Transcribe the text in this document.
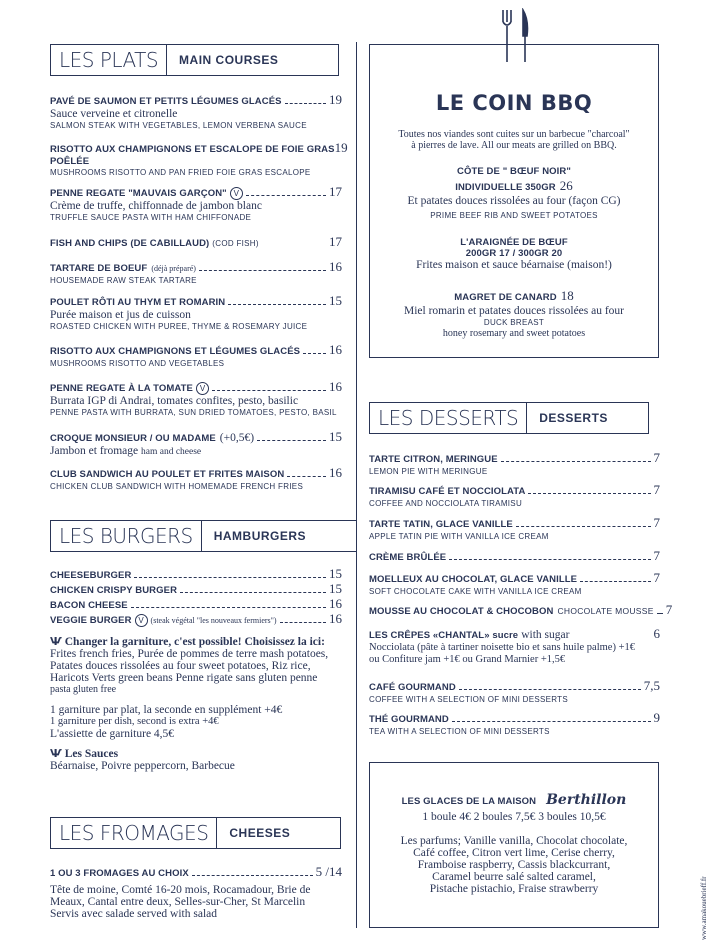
LES PLATS	MAIN COURSES
PAVÉ DE SAUMON ET PETITS LÉGUMES GLACÉS	19
Sauce verveine et citronelle
SALMON STEAK WITH VEGETABLES, LEMON VERBENA SAUCE
RISOTTO AUX CHAMPIGNONS ET ESCALOPE DE FOIE GRAS 19
POÊLÉE
MUSHROOMS RISOTTO AND PAN FRIED FOIE GRAS ESCALOPE
PENNE REGATE "MAUVAIS GARÇON" V	17
Crème de truffe, chiffonnade de jambon blanc
TRUFFLE SAUCE PASTA WITH HAM CHIFFONADE
FISH AND CHIPS (DE CABILLAUD) (COD FISH)	17
TARTARE DE BOEUF (déjà préparé)	16
HOUSEMADE RAW STEAK TARTARE
POULET RÔTI AU THYM ET ROMARIN	15
Purée maison et jus de cuisson
ROASTED CHICKEN WITH PUREE, THYME & ROSEMARY JUICE
RISOTTO AUX CHAMPIGNONS ET LÉGUMES GLACÉS 16
MUSHROOMS RISOTTO AND VEGETABLES
PENNE REGATE À LA TOMATE V	16
Burrata IGP di Andrai, tomates confites, pesto, basilic
PENNE PASTA WITH BURRATA, SUN DRIED TOMATOES, PESTO, BASIL
CROQUE MONSIEUR / OU MADAME (+0,5€)	15
Jambon et fromage ham and cheese
CLUB SANDWICH AU POULET ET FRITES MAISON	16
CHICKEN CLUB SANDWICH WITH HOMEMADE FRENCH FRIES
LES BURGERS	HAMBURGERS
CHEESEBURGER	15
CHICKEN CRISPY BURGER	15
BACON CHEESE	16
VEGGIE BURGER V (steak végétal "les nouveaux fermiers")	16
Ѱ Changer la garniture, c'est possible! Choisissez la ici:
Frites french fries, Purée de pommes de terre mash potatoes,
Patates douces rissolées au four sweet potatoes, Riz rice,
Haricots Verts green beans Penne rigate sans gluten penne
pasta gluten free
1 garniture par plat, la seconde en supplément +4€
1 garniture per dish, second is extra +4€
L'assiette de garniture 4,5€
Ѱ Les Sauces
Béarnaise, Poivre peppercorn, Barbecue
LES FROMAGES	CHEESES
1 OU 3 FROMAGES AU CHOIX	5 /14
Tête de moine, Comté 16-20 mois, Rocamadour, Brie de
Meaux, Cantal entre deux, Selles-sur-Cher, St Marcelin
Servis avec salade served with salad
LE COIN BBQ
Toutes nos viandes sont cuites sur un barbecue "charcoal"
à pierres de lave. All our meats are grilled on BBQ.
CÔTE DE " BŒUF NOIR"
INDIVIDUELLE 350GR 26
Et patates douces rissolées au four (façon CG)
PRIME BEEF RIB AND SWEET POTATOES
L'ARAIGNÉE DE BŒUF
200GR 17 / 300GR 20
Frites maison et sauce béarnaise (maison!)
MAGRET DE CANARD 18
Miel romarin et patates douces rissolées au four
DUCK BREAST
honey rosemary and sweet potatoes
LES DESSERTS	DESSERTS
TARTE CITRON, MERINGUE	7
LEMON PIE WITH MERINGUE
TIRAMISU CAFÉ ET NOCCIOLATA	7
COFFEE AND NOCCIOLATA TIRAMISU
TARTE TATIN, GLACE VANILLE	7
APPLE TATIN PIE WITH VANILLA ICE CREAM
CRÈME BRÛLÉE	7
MOELLEUX AU CHOCOLAT, GLACE VANILLE	7
SOFT CHOCOLATE CAKE WITH VANILLA ICE CREAM
MOUSSE AU CHOCOLAT & CHOCOBON CHOCOLATE MOUSSE 7
LES CRÊPES «CHANTAL» sucre with sugar	6
Nocciolata (pâte à tartiner noisette bio et sans huile palme) +1€
ou Confiture jam +1€ ou Grand Marnier +1,5€
CAFÉ GOURMAND	7,5
COFFEE WITH A SELECTION OF MINI DESSERTS
THÉ GOURMAND	9
TEA WITH A SELECTION OF MINI DESSERTS
LES GLACES DE LA MAISON Berthillon
1 boule 4€ 2 boules 7,5€ 3 boules 10,5€
Les parfums; Vanille vanilla, Chocolat chocolate,
Café coffee, Citron vert lime, Cerise cherry,
Framboise raspberry, Cassis blackcurrant,
Caramel beurre salé salted caramel,
Pistache pistachio, Fraise strawberry	www.amakouebrieff.fr
